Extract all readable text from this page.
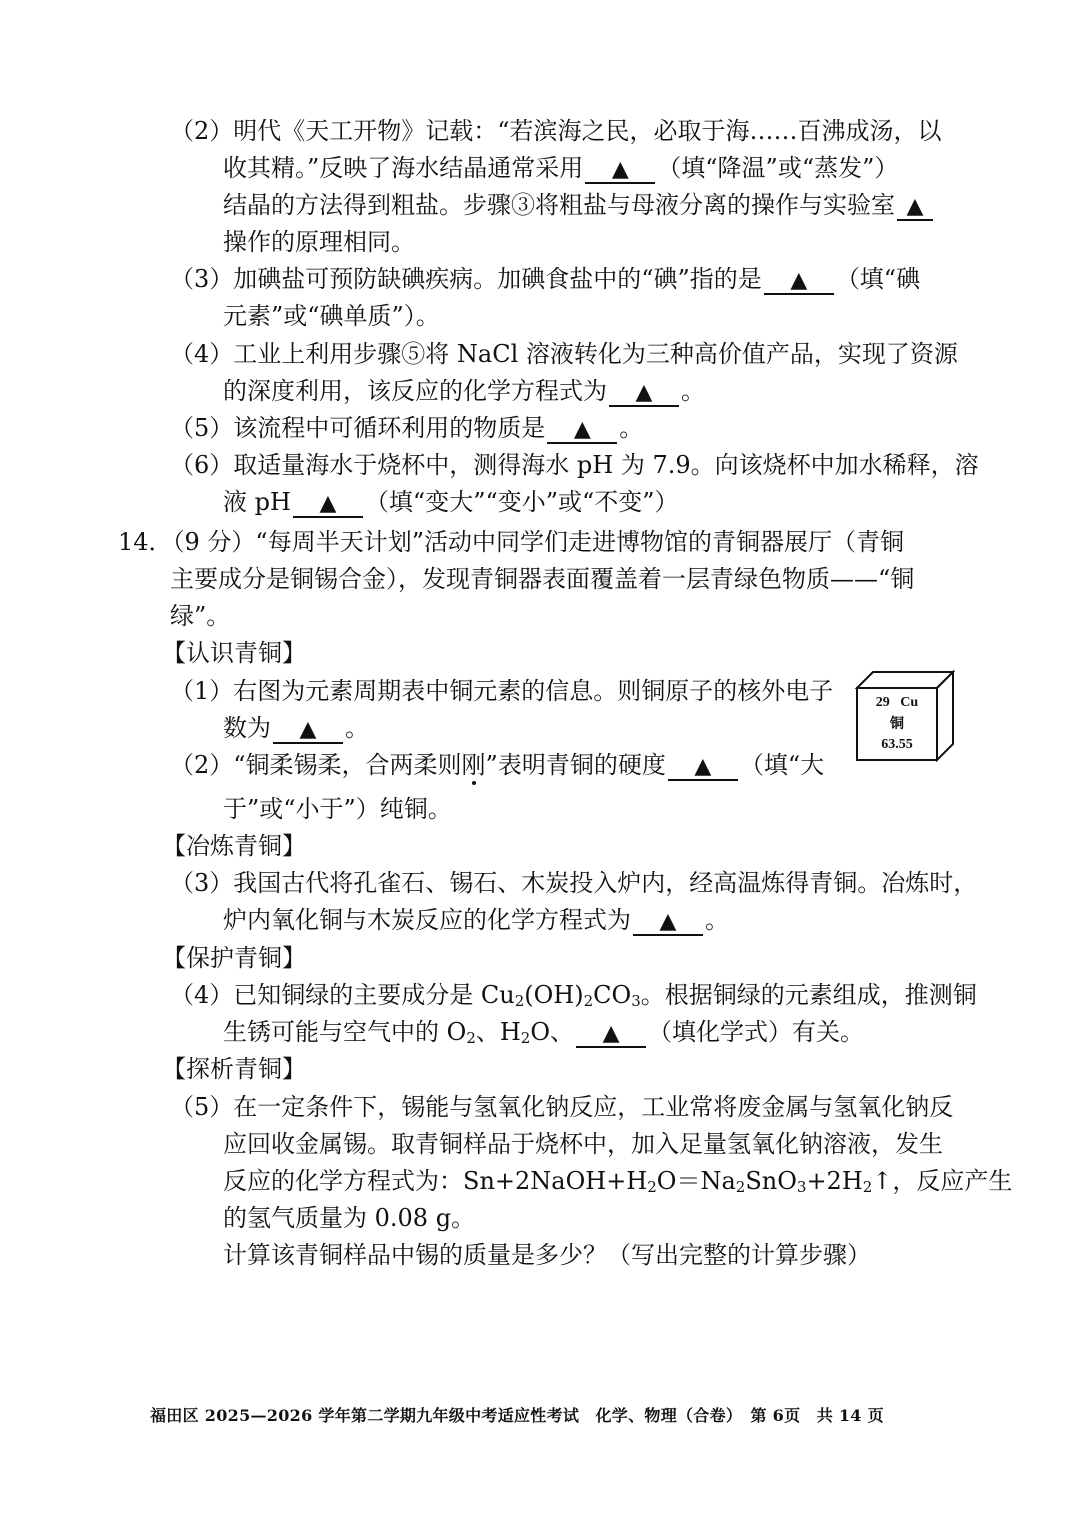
（2）明代《天工开物》记载：“若滨海之民，必取于海……百沸成汤，以
收其精。”反映了海水结晶通常采用 ▲ （填“降温”或“蒸发”）
结晶的方法得到粗盐。步骤③将粗盐与母液分离的操作与实验室 ▲
操作的原理相同。
（3）加碘盐可预防缺碘疾病。加碘食盐中的“碘”指的是 ▲ （填“碘
元素”或“碘单质”）。
（4）工业上利用步骤⑤将 NaCl 溶液转化为三种高价值产品，实现了资源
的深度利用，该反应的化学方程式为 ▲ 。
（5）该流程中可循环利用的物质是 ▲ 。
（6）取适量海水于烧杯中，测得海水 pH 为 7.9。向该烧杯中加水稀释，溶
液 pH ▲ （填“变大”“变小”或“不变”）
14．（9 分）“每周半天计划”活动中同学们走进博物馆的青铜器展厅（青铜
主要成分是铜锡合金），发现青铜器表面覆盖着一层青绿色物质——“铜
绿”。
【认识青铜】
（1）右图为元素周期表中铜元素的信息。则铜原子的核外电子
数为 ▲ 。
（2）“铜柔锡柔，合两柔则刚”表明青铜的硬度 ▲ （填“大
于”或“小于”）纯铜。
29 Cu
铜
63.55
【冶炼青铜】
（3）我国古代将孔雀石、锡石、木炭投入炉内，经高温炼得青铜。冶炼时，
炉内氧化铜与木炭反应的化学方程式为 ▲ 。
【保护青铜】
（4）已知铜绿的主要成分是 $Cu_2(OH)_2CO_3$。根据铜绿的元素组成，推测铜
生锈可能与空气中的 $O_2$、$H_2O$、 ▲ （填化学式）有关。
【探析青铜】
（5）在一定条件下，锡能与氢氧化钠反应，工业常将废金属与氢氧化钠反
应回收金属锡。取青铜样品于烧杯中，加入足量氢氧化钠溶液，发生
反应的化学方程式为：$Sn+2NaOH+H_2O=Na_2SnO_3+2H_2↑$，反应产生
的氢气质量为 0.08 g。
计算该青铜样品中锡的质量是多少？（写出完整的计算步骤）
福田区 2025—2026 学年第二学期九年级中考适应性考试　化学、物理（合卷）　第 6页　共 14 页
